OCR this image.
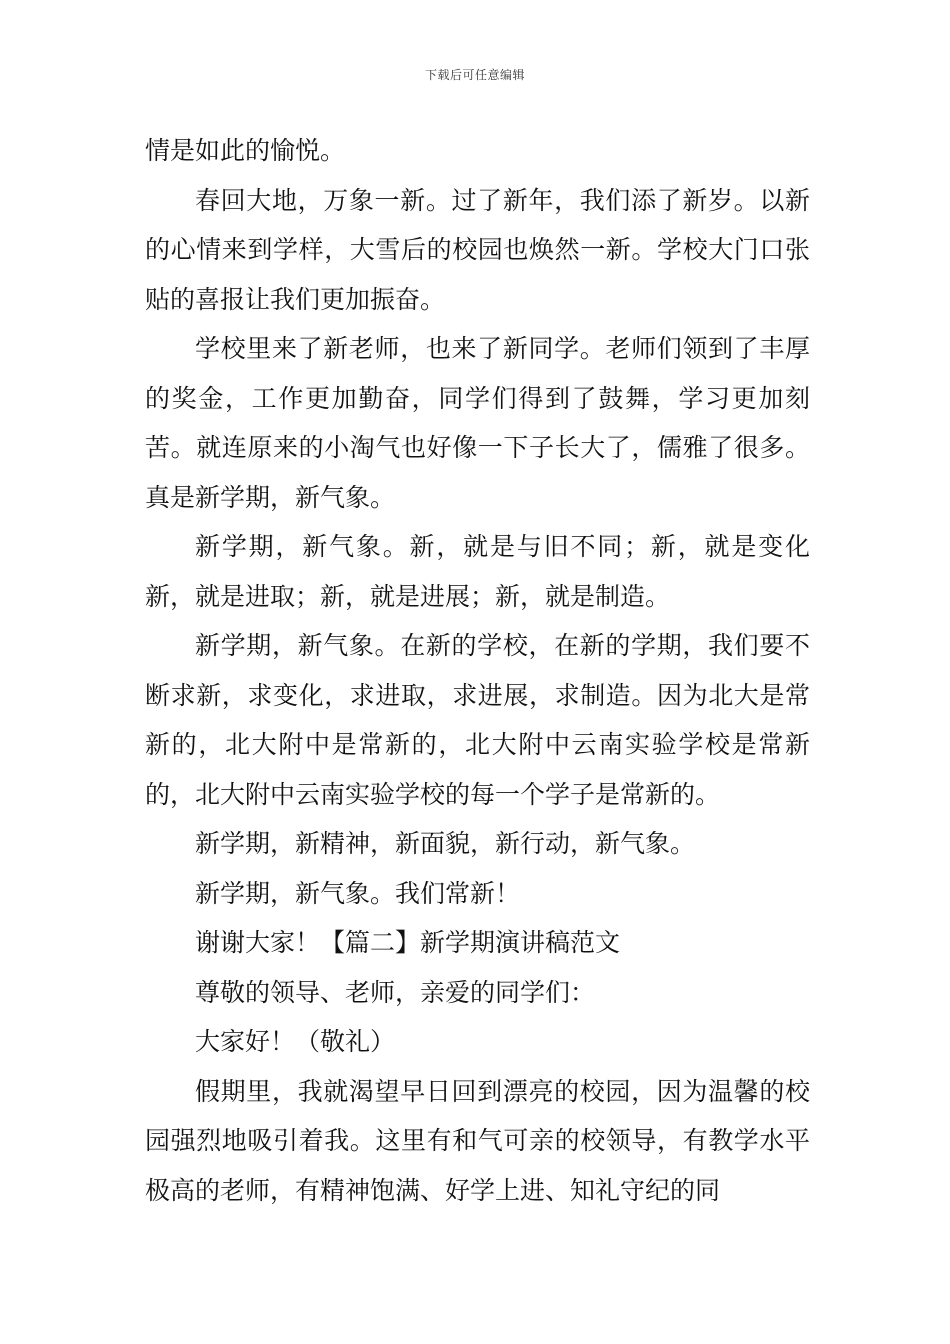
下载后可任意编辑

情是如此的愉悦。

春回大地，万象一新。过了新年，我们添了新岁。以新的心情来到学样，大雪后的校园也焕然一新。学校大门口张贴的喜报让我们更加振奋。

学校里来了新老师，也来了新同学。老师们领到了丰厚的奖金，工作更加勤奋，同学们得到了鼓舞，学习更加刻苦。就连原来的小淘气也好像一下子长大了，儒雅了很多。真是新学期，新气象。

新学期，新气象。新，就是与旧不同；新，就是变化新，就是进取；新，就是进展；新，就是制造。

新学期，新气象。在新的学校，在新的学期，我们要不断求新，求变化，求进取，求进展，求制造。因为北大是常新的，北大附中是常新的，北大附中云南实验学校是常新的，北大附中云南实验学校的每一个学子是常新的。

新学期，新精神，新面貌，新行动，新气象。

新学期，新气象。我们常新！

谢谢大家！【篇二】新学期演讲稿范文

尊敬的领导、老师，亲爱的同学们：

大家好！（敬礼）

假期里，我就渴望早日回到漂亮的校园，因为温馨的校园强烈地吸引着我。这里有和气可亲的校领导，有教学水平极高的老师，有精神饱满、好学上进、知礼守纪的同
